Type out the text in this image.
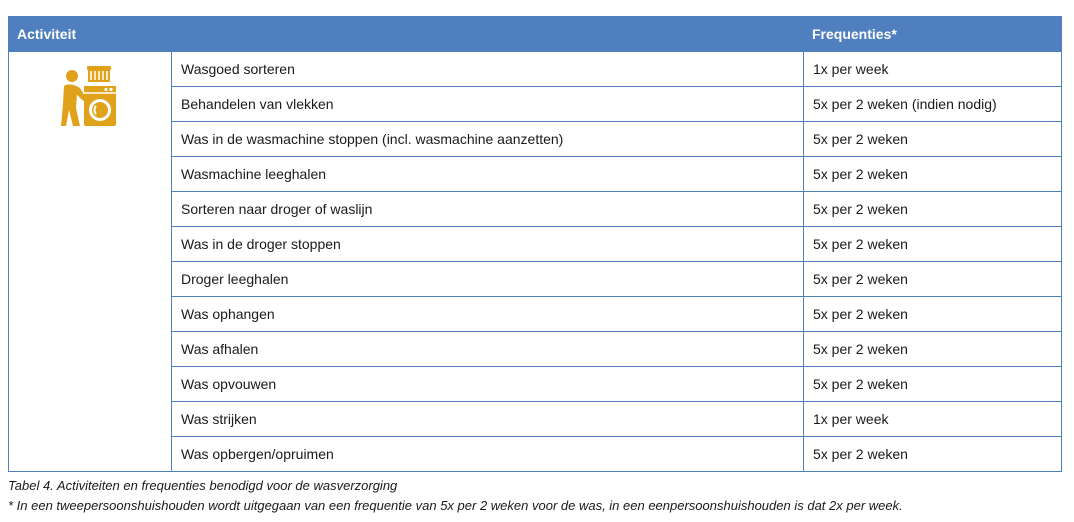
Activiteit		Frequenties*

	Wasgoed sorteren	1x per week
	Behandelen van vlekken	5x per 2 weken (indien nodig)
	Was in de wasmachine stoppen (incl. wasmachine aanzetten)	5x per 2 weken
	Wasmachine leeghalen	5x per 2 weken
	Sorteren naar droger of waslijn	5x per 2 weken
	Was in de droger stoppen	5x per 2 weken
	Droger leeghalen	5x per 2 weken
	Was ophangen	5x per 2 weken
	Was afhalen	5x per 2 weken
	Was opvouwen	5x per 2 weken
	Was strijken	1x per week
	Was opbergen/opruimen	5x per 2 weken

Tabel 4. Activiteiten en frequenties benodigd voor de wasverzorging

* In een tweepersoonshuishouden wordt uitgegaan van een frequentie van 5x per 2 weken voor de was, in een eenpersoonshuishouden is dat 2x per week.
